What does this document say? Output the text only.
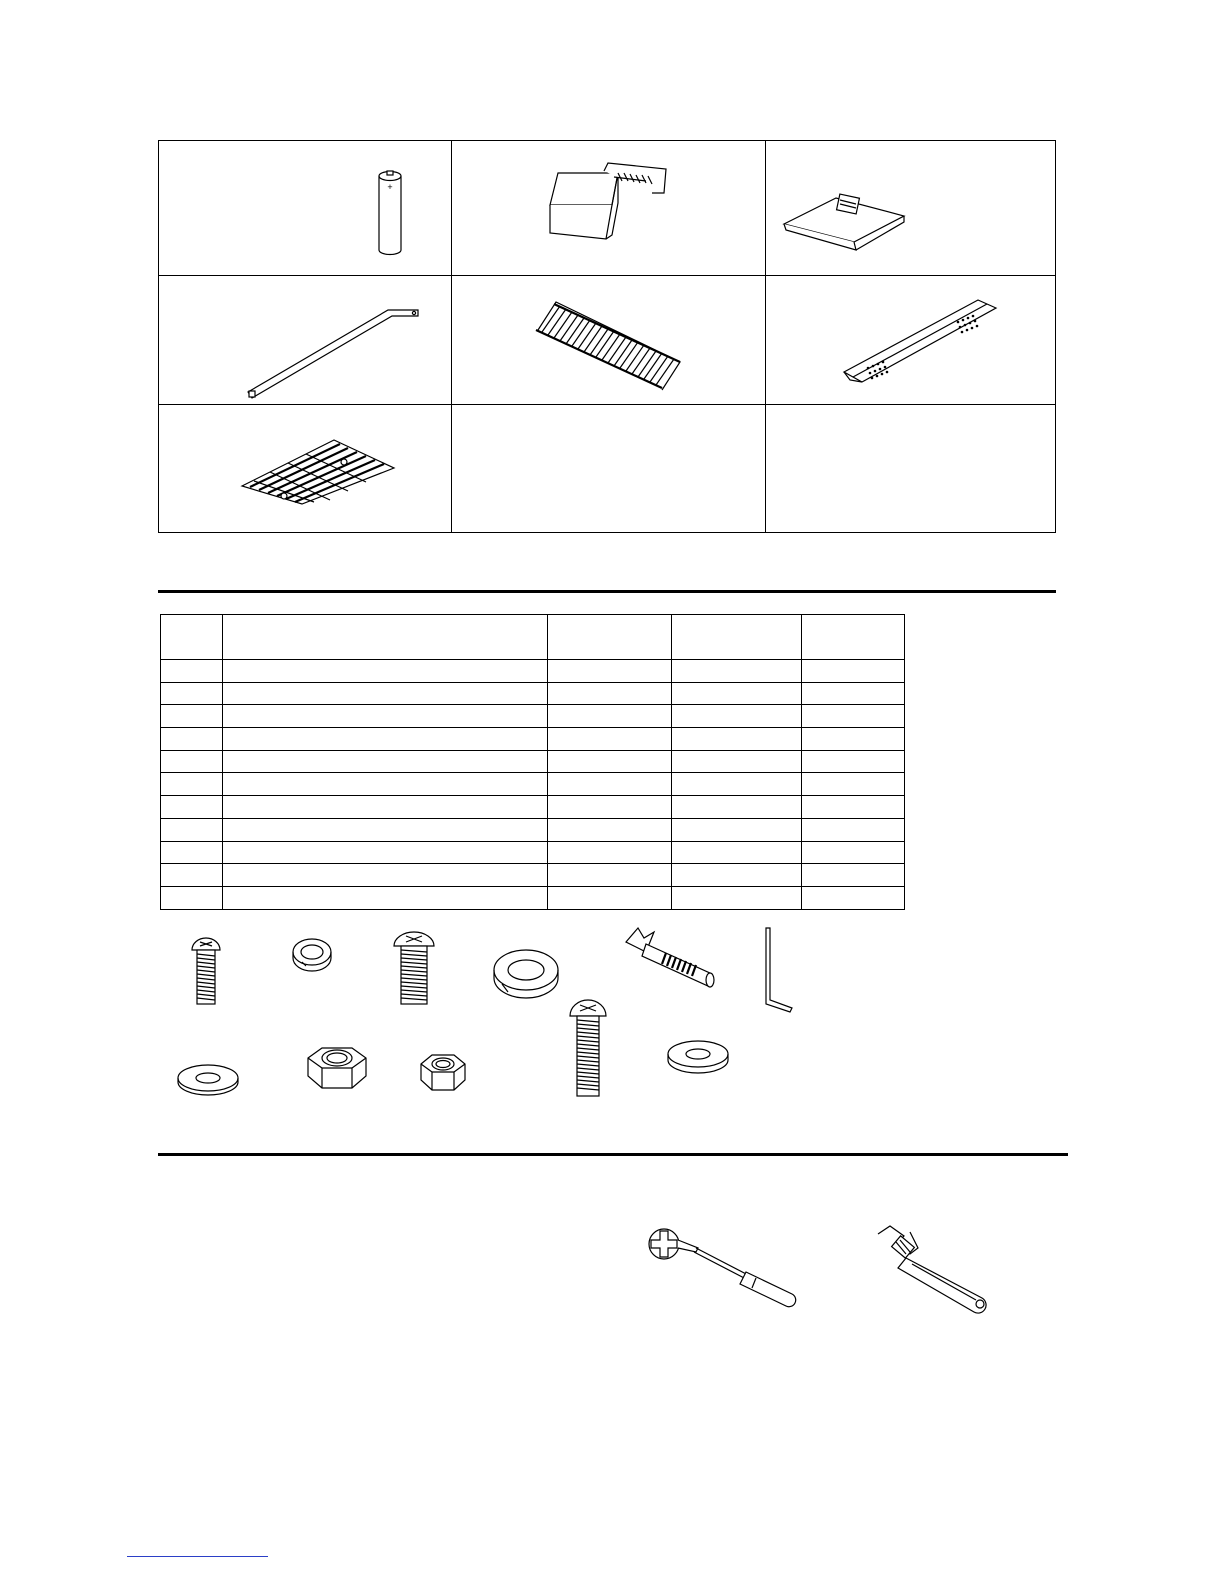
+
